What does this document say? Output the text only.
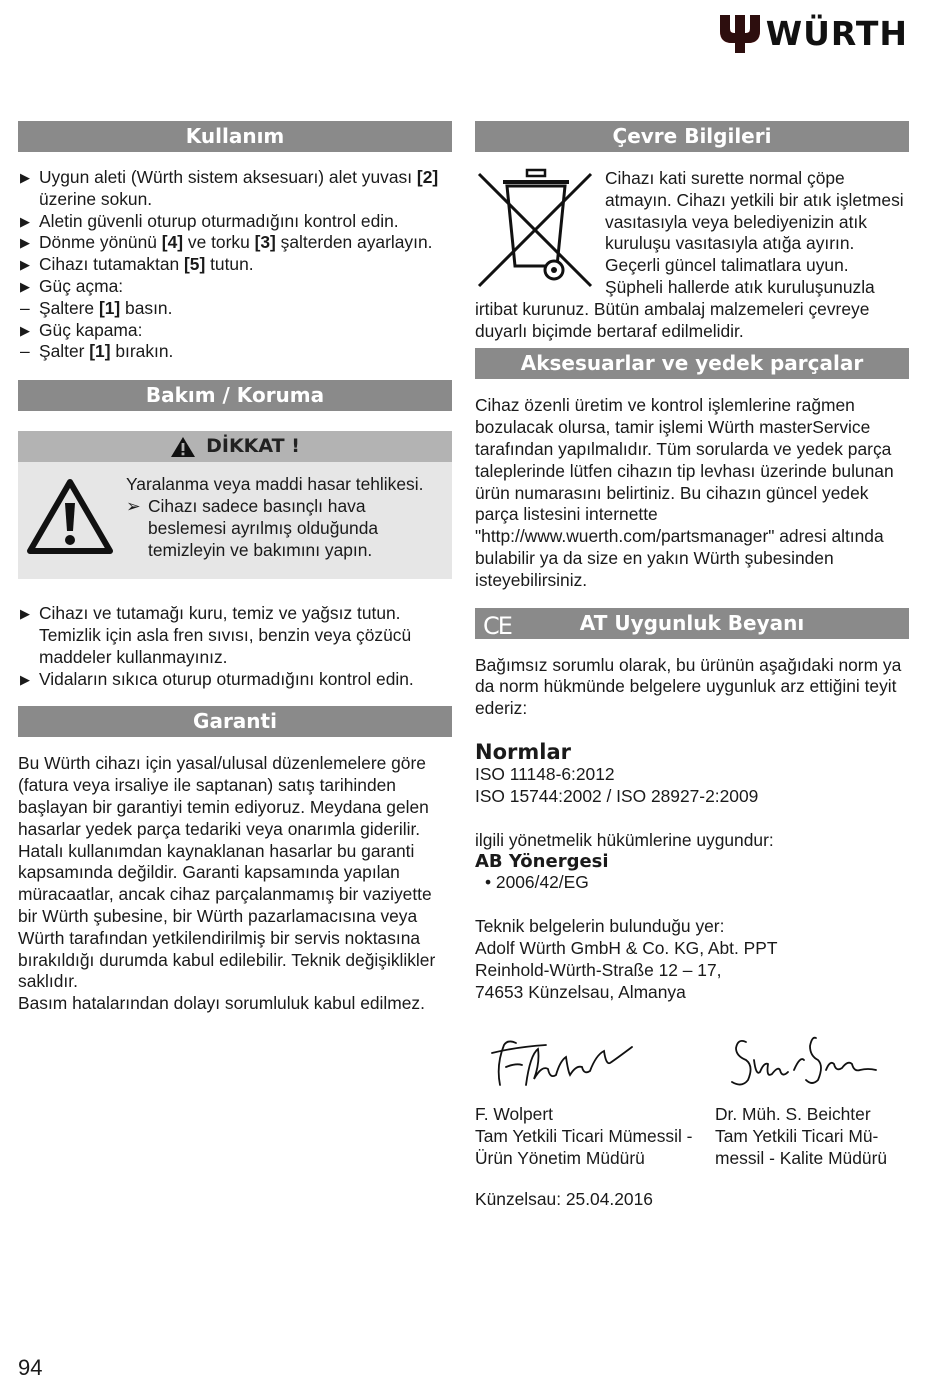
WÜRTH
Kullanım
▶ Uygun aleti (Würth sistem aksesuarı) alet yuvası [2] üzerine sokun.
▶ Aletin güvenli oturup oturmadığını kontrol edin.
▶ Dönme yönünü [4] ve torku [3] şalterden ayarlayın.
▶ Cihazı tutamaktan [5] tutun.
▶ Güç açma:
– Şaltere [1] basın.
▶ Güç kapama:
– Şalter [1] bırakın.
Bakım / Koruma
DİKKAT !
Yaralanma veya maddi hasar tehlikesi.
➢ Cihazı sadece basınçlı hava beslemesi ayrılmış olduğunda temizleyin ve bakımını yapın.
▶ Cihazı ve tutamağı kuru, temiz ve yağsız tutun. Temizlik için asla fren sıvısı, benzin veya çözücü maddeler kullanmayınız.
▶ Vidaların sıkıca oturup oturmadığını kontrol edin.
Garanti
Bu Würth cihazı için yasal/ulusal düzenlemelere göre (fatura veya irsaliye ile saptanan) satış tarihinden başlayan bir garantiyi temin ediyoruz. Meydana gelen hasarlar yedek parça tedariki veya onarımla giderilir. Hatalı kullanımdan kaynaklanan hasarlar bu garanti kapsamında değildir. Garanti kapsamında yapılan müracaatlar, ancak cihaz parçalanmamış bir vaziyette bir Würth şubesine, bir Würth pazarlamacısına veya Würth tarafından yetkilendirilmiş bir servis noktasına bırakıldığı durumda kabul edilebilir. Teknik değişiklikler saklıdır.
Basım hatalarından dolayı sorumluluk kabul edilmez.
Çevre Bilgileri
Cihazı kati surette normal çöpe atmayın. Cihazı yetkili bir atık işletmesi vasıtasıyla veya belediyenizin atık kuruluşu vasıtasıyla atığa ayırın. Geçerli güncel talimatlara uyun. Şüpheli hallerde atık kuruluşunuzla irtibat kurunuz. Bütün ambalaj malzemeleri çevreye duyarlı biçimde bertaraf edilmelidir.
Aksesuarlar ve yedek parçalar
Cihaz özenli üretim ve kontrol işlemlerine rağmen bozulacak olursa, tamir işlemi Würth masterService tarafından yapılmalıdır. Tüm sorularda ve yedek parça taleplerinde lütfen cihazın tip levhası üzerinde bulunan ürün numarasını belirtiniz. Bu cihazın güncel yedek parça listesini internette "http://www.wuerth.com/partsmanager" adresi altında bulabilir ya da size en yakın Würth şubesinden isteyebilirsiniz.
CE	AT Uygunluk Beyanı
Bağımsız sorumlu olarak, bu ürünün aşağıdaki norm ya da norm hükmünde belgelere uygunluk arz ettiğini teyit ederiz:
Normlar
ISO 11148-6:2012
ISO 15744:2002 / ISO 28927-2:2009
ilgili yönetmelik hükümlerine uygundur:
AB Yönergesi
• 2006/42/EG
Teknik belgelerin bulunduğu yer:
Adolf Würth GmbH & Co. KG, Abt. PPT
Reinhold-Würth-Straße 12 – 17,
74653 Künzelsau, Almanya
F. Wolpert
Tam Yetkili Ticari Mümessil -
Ürün Yönetim Müdürü
Dr. Müh. S. Beichter
Tam Yetkili Ticari Mü-
messil - Kalite Müdürü
Künzelsau: 25.04.2016
94
